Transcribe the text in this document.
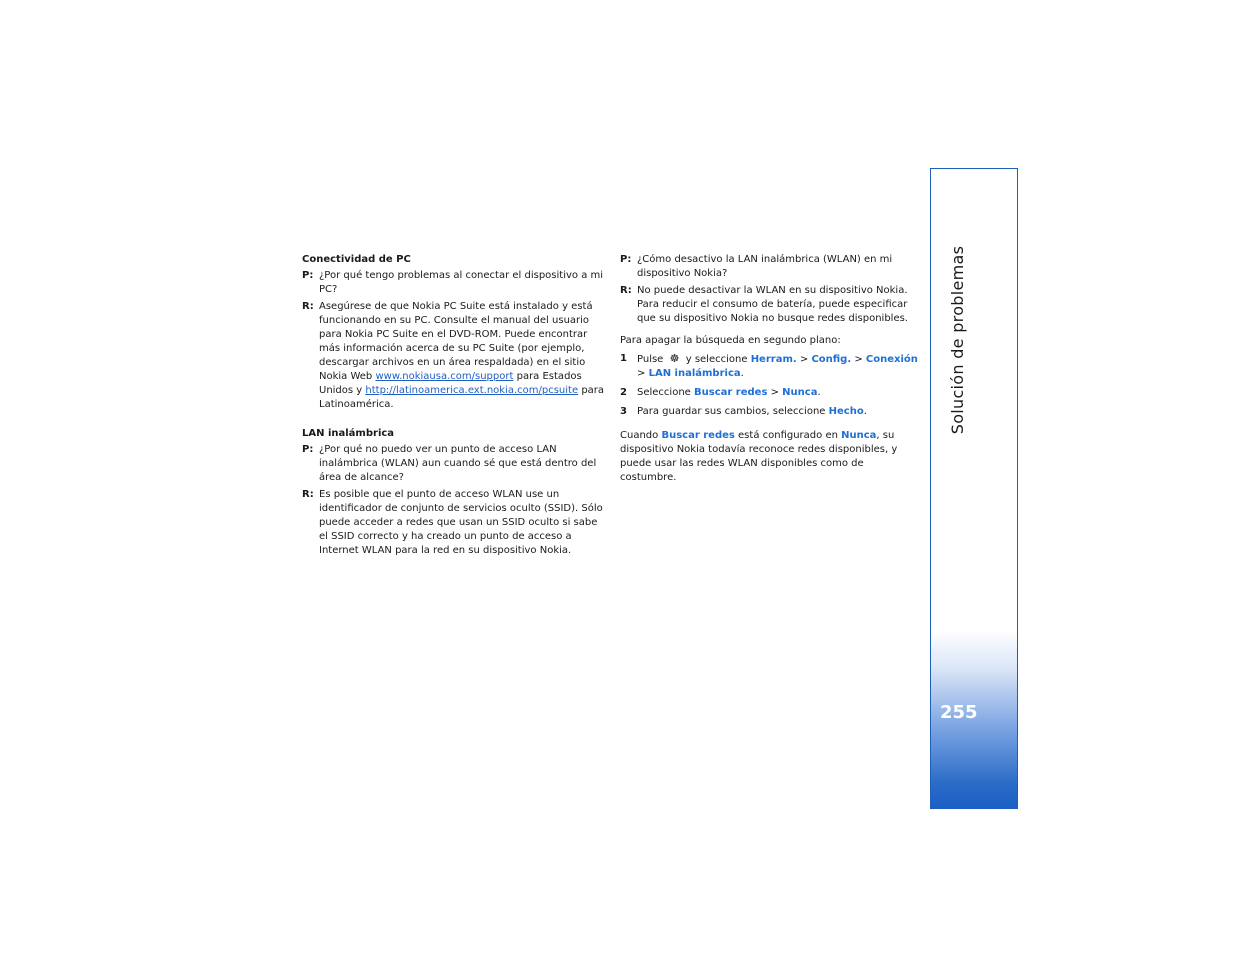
Conectividad de PC
P: ¿Por qué tengo problemas al conectar el dispositivo a mi PC?
R: Asegúrese de que Nokia PC Suite está instalado y está funcionando en su PC. Consulte el manual del usuario para Nokia PC Suite en el DVD-ROM. Puede encontrar más información acerca de su PC Suite (por ejemplo, descargar archivos en un área respaldada) en el sitio Nokia Web www.nokiausa.com/support para Estados Unidos y http://latinoamerica.ext.nokia.com/pcsuite para Latinoamérica.
LAN inalámbrica
P: ¿Por qué no puedo ver un punto de acceso LAN inalámbrica (WLAN) aun cuando sé que está dentro del área de alcance?
R: Es posible que el punto de acceso WLAN use un identificador de conjunto de servicios oculto (SSID). Sólo puede acceder a redes que usan un SSID oculto si sabe el SSID correcto y ha creado un punto de acceso a Internet WLAN para la red en su dispositivo Nokia.
P: ¿Cómo desactivo la LAN inalámbrica (WLAN) en mi dispositivo Nokia?
R: No puede desactivar la WLAN en su dispositivo Nokia. Para reducir el consumo de batería, puede especificar que su dispositivo Nokia no busque redes disponibles.
Para apagar la búsqueda en segundo plano:
1 Pulse ☸ y seleccione Herram. > Config. > Conexión > LAN inalámbrica.
2 Seleccione Buscar redes > Nunca.
3 Para guardar sus cambios, seleccione Hecho.
Cuando Buscar redes está configurado en Nunca, su dispositivo Nokia todavía reconoce redes disponibles, y puede usar las redes WLAN disponibles como de costumbre.
Solución de problemas
255
